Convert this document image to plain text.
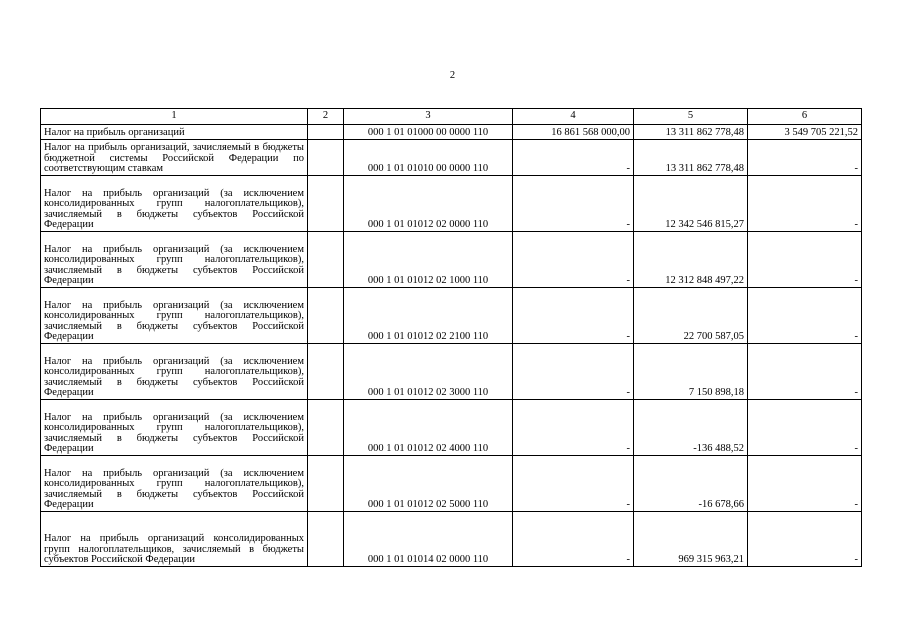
2
1	2	3	4	5	6
Налог на прибыль организаций		000 1 01 01000 00 0000 110	16 861 568 000,00	13 311 862 778,48	3 549 705 221,52
Налог на прибыль организаций, зачисляемый в бюджеты бюджетной системы Российской Федерации по соответствующим ставкам		000 1 01 01010 00 0000 110	-	13 311 862 778,48	-
Налог на прибыль организаций (за исключением консолидированных групп налогоплательщиков), зачисляемый в бюджеты субъектов Российской Федерации		000 1 01 01012 02 0000 110	-	12 342 546 815,27	-
Налог на прибыль организаций (за исключением консолидированных групп налогоплательщиков), зачисляемый в бюджеты субъектов Российской Федерации		000 1 01 01012 02 1000 110	-	12 312 848 497,22	-
Налог на прибыль организаций (за исключением консолидированных групп налогоплательщиков), зачисляемый в бюджеты субъектов Российской Федерации		000 1 01 01012 02 2100 110	-	22 700 587,05	-
Налог на прибыль организаций (за исключением консолидированных групп налогоплательщиков), зачисляемый в бюджеты субъектов Российской Федерации		000 1 01 01012 02 3000 110	-	7 150 898,18	-
Налог на прибыль организаций (за исключением консолидированных групп налогоплательщиков), зачисляемый в бюджеты субъектов Российской Федерации		000 1 01 01012 02 4000 110	-	-136 488,52	-
Налог на прибыль организаций (за исключением консолидированных групп налогоплательщиков), зачисляемый в бюджеты субъектов Российской Федерации		000 1 01 01012 02 5000 110	-	-16 678,66	-
Налог на прибыль организаций консолидированных групп налогоплательщиков, зачисляемый в бюджеты субъектов Российской Федерации		000 1 01 01014 02 0000 110	-	969 315 963,21	-
